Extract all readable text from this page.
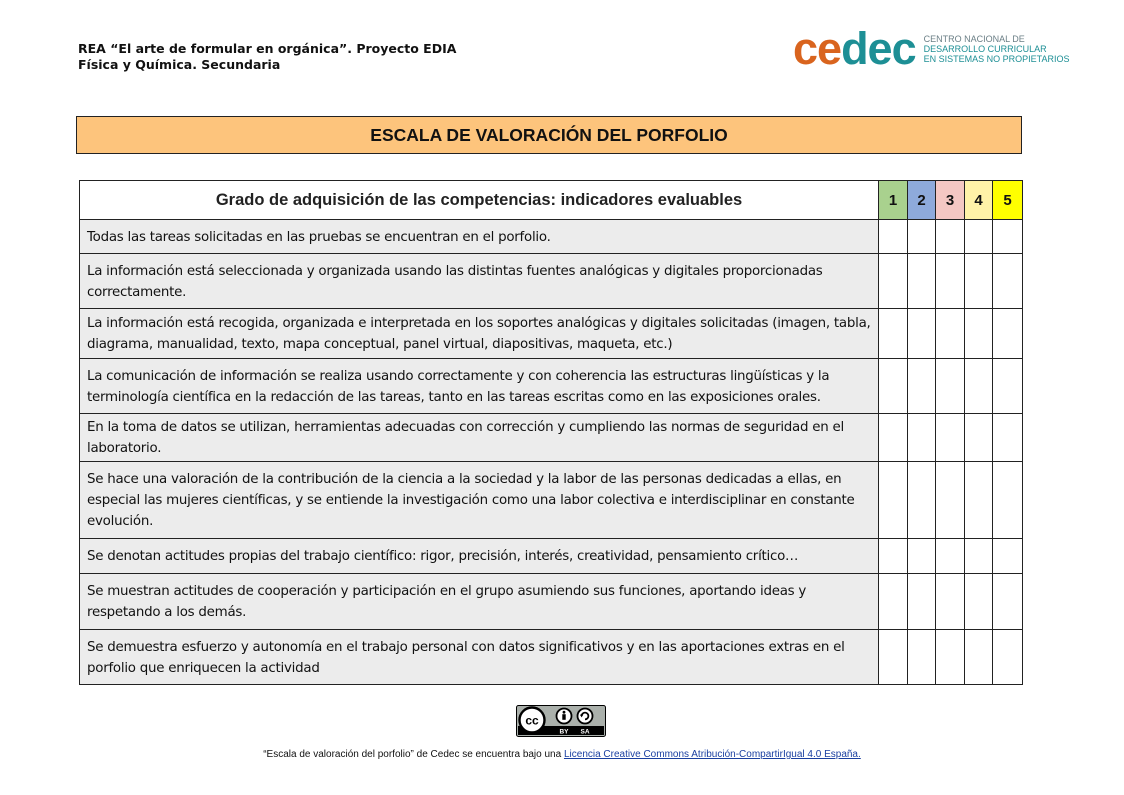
REA “El arte de formular en orgánica”. Proyecto EDIA
Física y Química. Secundaria	cedec CENTRO NACIONAL DE
DESARROLLO CURRICULAR
EN SISTEMAS NO PROPIETARIOS
ESCALA DE VALORACIÓN DEL PORFOLIO
Grado de adquisición de las competencias: indicadores evaluables	1	2	3	4	5
Todas las tareas solicitadas en las pruebas se encuentran en el porfolio.					
La información está seleccionada y organizada usando las distintas fuentes analógicas y digitales proporcionadas correctamente.					
La información está recogida, organizada e interpretada en los soportes analógicas y digitales solicitadas (imagen, tabla, diagrama, manualidad, texto, mapa conceptual, panel virtual, diapositivas, maqueta, etc.)					
La comunicación de información se realiza usando correctamente y con coherencia las estructuras lingüísticas y la terminología científica en la redacción de las tareas, tanto en las tareas escritas como en las exposiciones orales.					
En la toma de datos se utilizan, herramientas adecuadas con corrección y cumpliendo las normas de seguridad en el laboratorio.					
Se hace una valoración de la contribución de la ciencia a la sociedad y la labor de las personas dedicadas a ellas, en especial las mujeres científicas, y se entiende la investigación como una labor colectiva e interdisciplinar en constante evolución.					
Se denotan actitudes propias del trabajo científico: rigor, precisión, interés, creatividad, pensamiento crítico…					
Se muestran actitudes de cooperación y participación en el grupo asumiendo sus funciones, aportando ideas y respetando a los demás.					
Se demuestra esfuerzo y autonomía en el trabajo personal con datos significativos y en las aportaciones extras en el porfolio que enriquecen la actividad					
cc
BY SA
“Escala de valoración del porfolio” de Cedec se encuentra bajo una Licencia Creative Commons Atribución-CompartirIgual 4.0 España.
